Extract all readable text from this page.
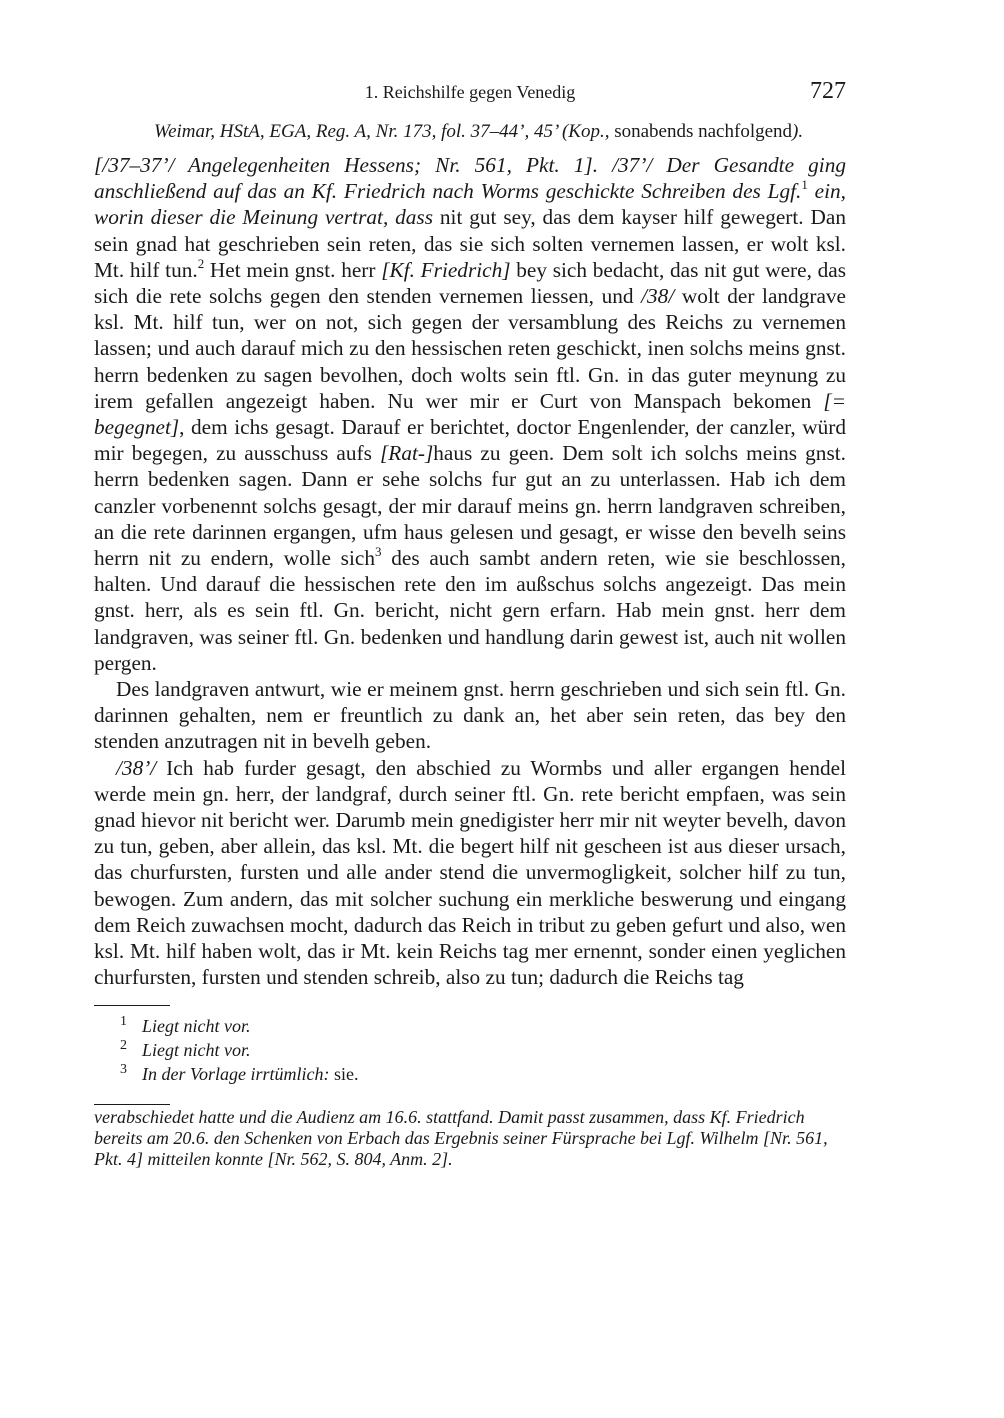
1. Reichshilfe gegen Venedig	727
Weimar, HStA, EGA, Reg. A, Nr. 173, fol. 37–44’, 45’ (Kop., sonabends nachfolgend).

[/37–37’/ Angelegenheiten Hessens; Nr. 561, Pkt. 1]. /37’/ Der Gesandte ging anschließend auf das an Kf. Friedrich nach Worms geschickte Schreiben des Lgf.$^1$ ein, worin dieser die Meinung vertrat, dass nit gut sey, das dem kayser hilf gewegert. Dan sein gnad hat geschrieben sein reten, das sie sich solten vernemen lassen, er wolt ksl. Mt. hilf tun.$^2$ Het mein gnst. herr [Kf. Friedrich] bey sich bedacht, das nit gut were, das sich die rete solchs gegen den stenden vernemen liessen, und /38/ wolt der landgrave ksl. Mt. hilf tun, wer on not, sich gegen der versamblung des Reichs zu vernemen lassen; und auch darauf mich zu den hessischen reten geschickt, inen solchs meins gnst. herrn bedenken zu sagen bevolhen, doch wolts sein ftl. Gn. in das guter meynung zu irem gefallen angezeigt haben. Nu wer mir er Curt von Manspach bekomen [= begegnet], dem ichs gesagt. Darauf er berichtet, doctor Engenlender, der canzler, würd mir begegen, zu ausschuss aufs [Rat-]haus zu geen. Dem solt ich solchs meins gnst. herrn bedenken sagen. Dann er sehe solchs fur gut an zu unterlassen. Hab ich dem canzler vorbenennt solchs gesagt, der mir darauf meins gn. herrn landgraven schreiben, an die rete darinnen ergangen, ufm haus gelesen und gesagt, er wisse den bevelh seins herrn nit zu endern, wolle sich$^3$ des auch sambt andern reten, wie sie beschlossen, halten. Und darauf die hessischen rete den im außschus solchs angezeigt. Das mein gnst. herr, als es sein ftl. Gn. bericht, nicht gern erfarn. Hab mein gnst. herr dem landgraven, was seiner ftl. Gn. bedenken und handlung darin gewest ist, auch nit wollen pergen.

Des landgraven antwurt, wie er meinem gnst. herrn geschrieben und sich sein ftl. Gn. darinnen gehalten, nem er freuntlich zu dank an, het aber sein reten, das bey den stenden anzutragen nit in bevelh geben.

/38’/ Ich hab furder gesagt, den abschied zu Wormbs und aller ergangen hendel werde mein gn. herr, der landgraf, durch seiner ftl. Gn. rete bericht empfaen, was sein gnad hievor nit bericht wer. Darumb mein gnedigister herr mir nit weyter bevelh, davon zu tun, geben, aber allein, das ksl. Mt. die begert hilf nit gescheen ist aus dieser ursach, das churfursten, fursten und alle ander stend die unvermogligkeit, solcher hilf zu tun, bewogen. Zum andern, das mit solcher suchung ein merkliche beswerung und eingang dem Reich zuwachsen mocht, dadurch das Reich in tribut zu geben gefurt und also, wen ksl. Mt. hilf haben wolt, das ir Mt. kein Reichs tag mer ernennt, sonder einen yeglichen churfursten, fursten und stenden schreib, also zu tun; dadurch die Reichs tag

1 Liegt nicht vor.
2 Liegt nicht vor.
3 In der Vorlage irrtümlich: sie.
verabschiedet hatte und die Audienz am 16.6. stattfand. Damit passt zusammen, dass Kf. Friedrich bereits am 20.6. den Schenken von Erbach das Ergebnis seiner Fürsprache bei Lgf. Wilhelm [Nr. 561, Pkt. 4] mitteilen konnte [Nr. 562, S. 804, Anm. 2].
